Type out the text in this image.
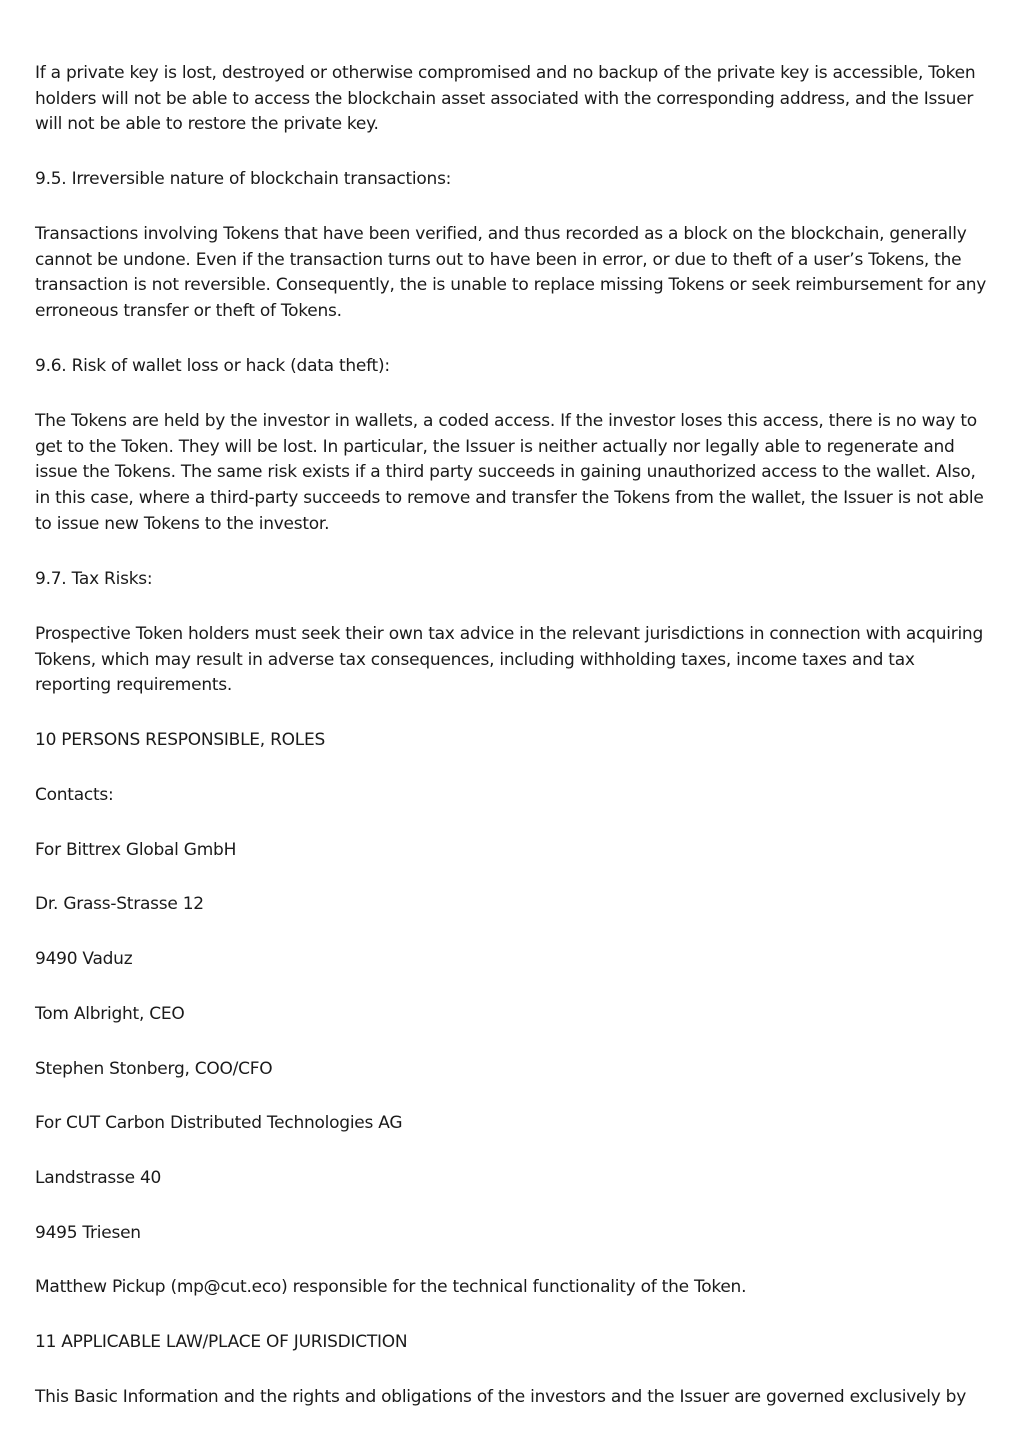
If a private key is lost, destroyed or otherwise compromised and no backup of the private key is accessible, Token holders will not be able to access the blockchain asset associated with the corresponding address, and the Issuer will not be able to restore the private key.

9.5. Irreversible nature of blockchain transactions:

Transactions involving Tokens that have been verified, and thus recorded as a block on the blockchain, generally cannot be undone. Even if the transaction turns out to have been in error, or due to theft of a user’s Tokens, the transaction is not reversible. Consequently, the is unable to replace missing Tokens or seek reimbursement for any erroneous transfer or theft of Tokens.

9.6. Risk of wallet loss or hack (data theft):

The Tokens are held by the investor in wallets, a coded access. If the investor loses this access, there is no way to get to the Token. They will be lost. In particular, the Issuer is neither actually nor legally able to regenerate and issue the Tokens. The same risk exists if a third party succeeds in gaining unauthorized access to the wallet. Also, in this case, where a third-party succeeds to remove and transfer the Tokens from the wallet, the Issuer is not able to issue new Tokens to the investor.

9.7. Tax Risks:

Prospective Token holders must seek their own tax advice in the relevant jurisdictions in connection with acquiring Tokens, which may result in adverse tax consequences, including withholding taxes, income taxes and tax reporting requirements.

10 PERSONS RESPONSIBLE, ROLES

Contacts:

For Bittrex Global GmbH

Dr. Grass-Strasse 12

9490 Vaduz

Tom Albright, CEO

Stephen Stonberg, COO/CFO

For CUT Carbon Distributed Technologies AG

Landstrasse 40

9495 Triesen

Matthew Pickup (mp@cut.eco) responsible for the technical functionality of the Token.

11 APPLICABLE LAW/PLACE OF JURISDICTION

This Basic Information and the rights and obligations of the investors and the Issuer are governed exclusively by
